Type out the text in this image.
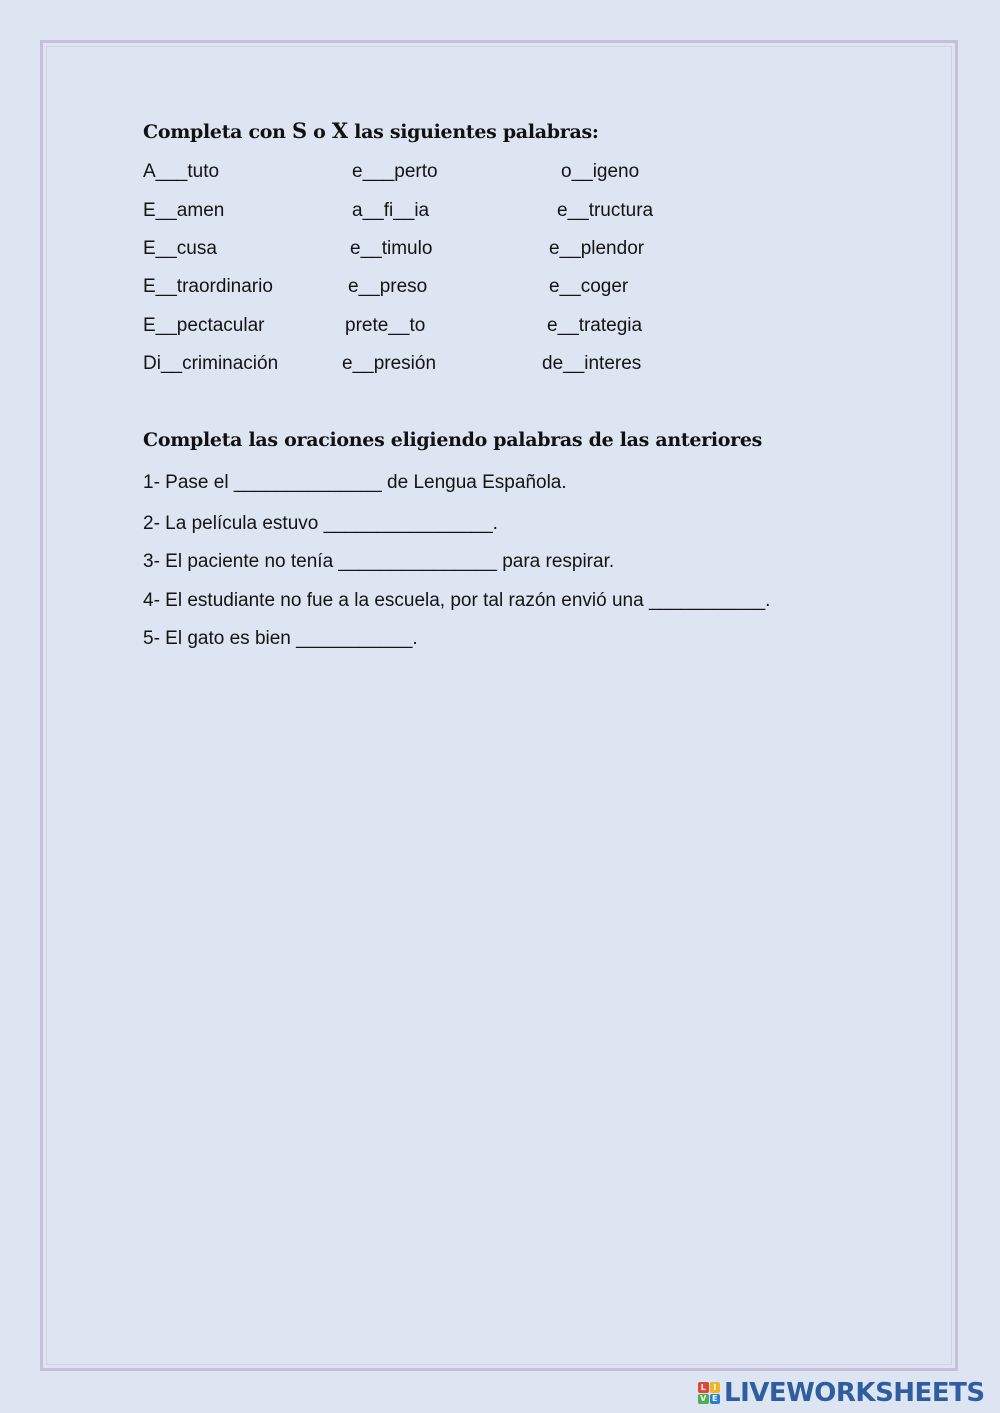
Completa con S o X las siguientes palabras:
A___tuto	e___perto	o__igeno
E__amen	a__fi__ia	e__tructura
E__cusa	e__timulo	e__plendor
E__traordinario	e__preso	e__coger
E__pectacular	prete__to	e__trategia
Di__criminación	e__presión	de__interes
Completa las oraciones eligiendo palabras de las anteriores
1- Pase el ______________ de Lengua Española.
2- La película estuvo ________________.
3- El paciente no tenía _______________ para respirar.
4- El estudiante no fue a la escuela, por tal razón envió una ___________.
5- El gato es bien ___________.
L I
V E LIVEWORKSHEETS
